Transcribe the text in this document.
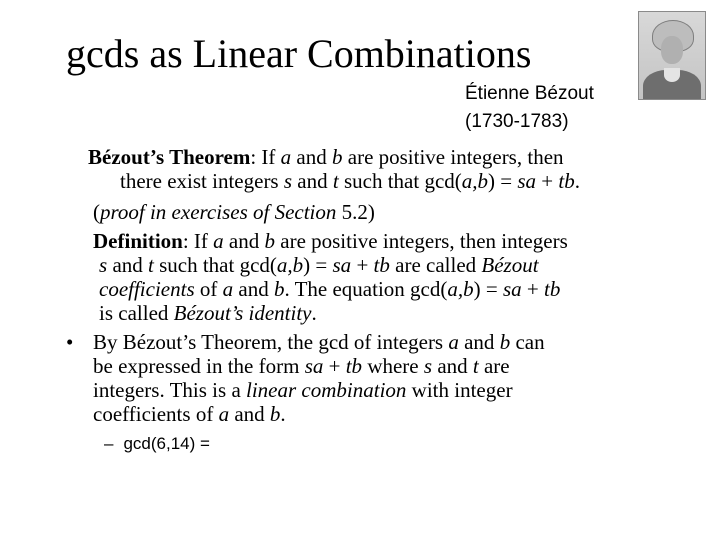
gcds as Linear Combinations
Étienne Bézout
(1730-1783)
Bézout’s Theorem: If a and b are positive integers, then
there exist integers s and t such that gcd(a,b) = sa + tb.
(proof in exercises of Section 5.2)
Definition: If a and b are positive integers, then integers
s and t such that gcd(a,b) = sa + tb are called Bézout
coefficients of a and b. The equation gcd(a,b) = sa + tb
is called Bézout’s identity.
• By Bézout’s Theorem, the gcd of integers a and b can
be expressed in the form sa + tb where s and t are
integers. This is a linear combination with integer
coefficients of a and b.
– gcd(6,14) =
